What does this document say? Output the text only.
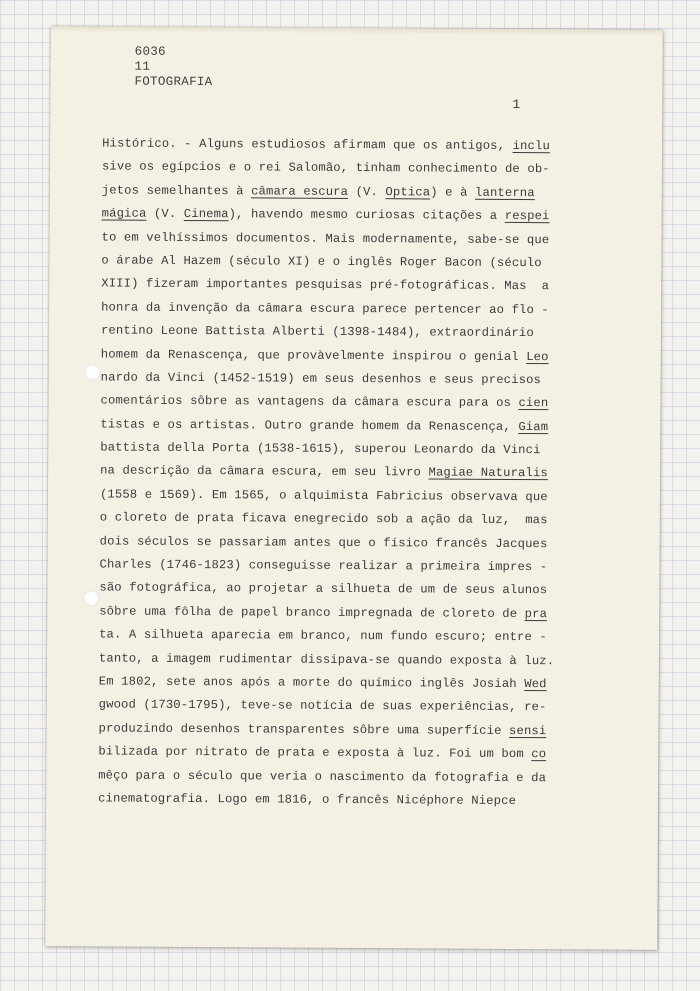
6036
11
FOTOGRAFIA
1
Histórico. - Alguns estudiosos afirmam que os antigos, inclu
sive os egípcios e o rei Salomão, tinham conhecimento de ob-
jetos semelhantes à câmara escura (V. Optica) e à lanterna
mágica (V. Cinema), havendo mesmo curiosas citações a respei
to em velhíssimos documentos. Mais modernamente, sabe-se que
o árabe Al Hazem (século XI) e o inglês Roger Bacon (século
XIII) fizeram importantes pesquisas pré-fotográficas. Mas  a
honra da invenção da câmara escura parece pertencer ao flo -
rentino Leone Battista Alberti (1398-1484), extraordinário
homem da Renascença, que provàvelmente inspirou o genial Leo
nardo da Vinci (1452-1519) em seus desenhos e seus precisos
comentários sôbre as vantagens da câmara escura para os cien
tistas e os artistas. Outro grande homem da Renascença, Giam
battista della Porta (1538-1615), superou Leonardo da Vinci
na descrição da câmara escura, em seu livro Magiae Naturalis
(1558 e 1569). Em 1565, o alquimista Fabricius observava que
o cloreto de prata ficava enegrecido sob a ação da luz,  mas
dois séculos se passariam antes que o físico francês Jacques
Charles (1746-1823) conseguisse realizar a primeira impres -
são fotográfica, ao projetar a silhueta de um de seus alunos
sôbre uma fôlha de papel branco impregnada de cloreto de pra
ta. A silhueta aparecia em branco, num fundo escuro; entre -
tanto, a imagem rudimentar dissipava-se quando exposta à luz.
Em 1802, sete anos após a morte do químico inglês Josiah Wed
gwood (1730-1795), teve-se notícia de suas experiências, re-
produzindo desenhos transparentes sôbre uma superfície sensi
bilizada por nitrato de prata e exposta à luz. Foi um bom co
mêço para o século que veria o nascimento da fotografia e da
cinematografia. Logo em 1816, o francês Nicéphore Niepce
